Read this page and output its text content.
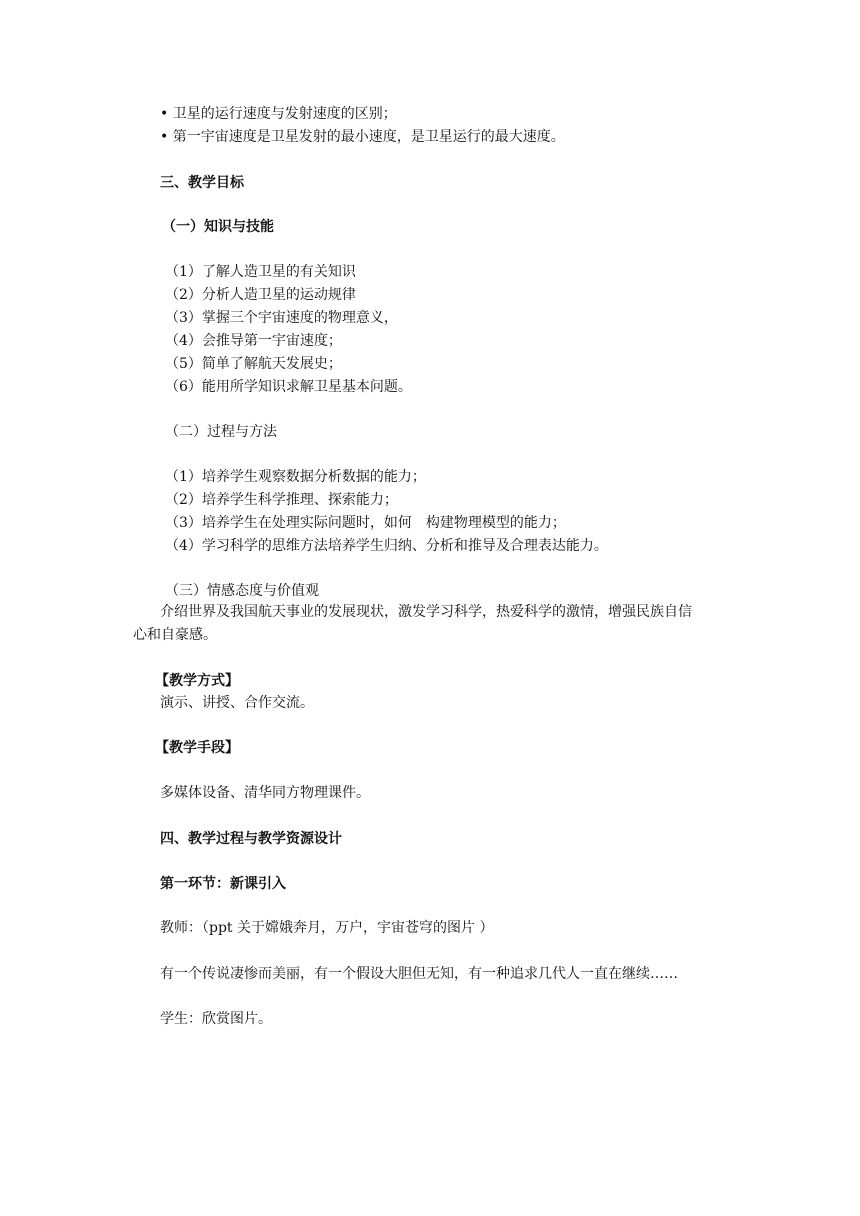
• 卫星的运行速度与发射速度的区别；
• 第一宇宙速度是卫星发射的最小速度，是卫星运行的最大速度。
三、教学目标
（一）知识与技能
（1）了解人造卫星的有关知识
（2）分析人造卫星的运动规律
（3）掌握三个宇宙速度的物理意义，
（4）会推导第一宇宙速度；
（5）简单了解航天发展史；
（6）能用所学知识求解卫星基本问题。
（二）过程与方法
（1）培养学生观察数据分析数据的能力；
（2）培养学生科学推理、探索能力；
（3）培养学生在处理实际问题时，如何　构建物理模型的能力；
（4）学习科学的思维方法培养学生归纳、分析和推导及合理表达能力。
（三）情感态度与价值观
介绍世界及我国航天事业的发展现状，激发学习科学，热爱科学的激情，增强民族自信
心和自豪感。
【教学方式】
演示、讲授、合作交流。
【教学手段】
多媒体设备、清华同方物理课件。
四、教学过程与教学资源设计
第一环节：新课引入
教师：（ppt 关于嫦娥奔月，万户，宇宙苍穹的图片 ）
有一个传说凄惨而美丽，有一个假设大胆但无知，有一种追求几代人一直在继续……
学生：欣赏图片。
